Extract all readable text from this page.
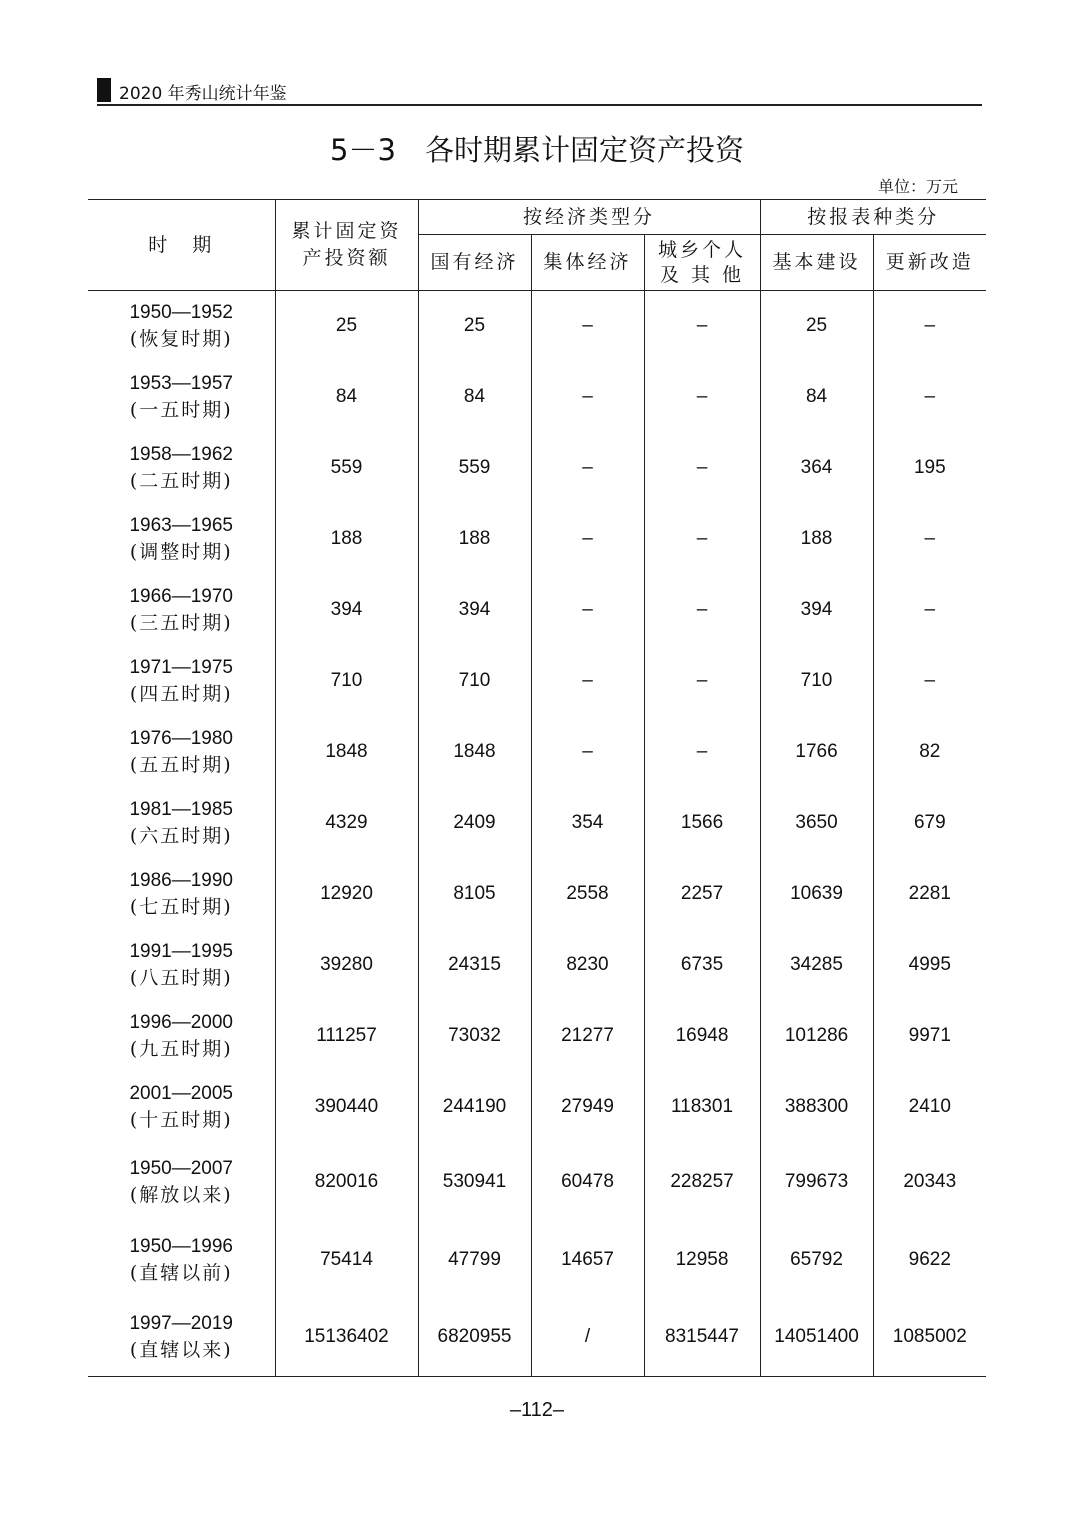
2020 年秀山统计年鉴
5－3　各时期累计固定资产投资
单位：万元
时　期	累计固定资产投资额	按经济类型分			按报表种类分	
		国有经济	集体经济	城乡个人及 其 他	基本建设	更新改造

1950—1952
(恢复时期)	25	25	–	–	25	–

1953—1957
(一五时期)	84	84	–	–	84	–

1958—1962
(二五时期)	559	559	–	–	364	195

1963—1965
(调整时期)	188	188	–	–	188	–

1966—1970
(三五时期)	394	394	–	–	394	–

1971—1975
(四五时期)	710	710	–	–	710	–

1976—1980
(五五时期)	1848	1848	–	–	1766	82

1981—1985
(六五时期)	4329	2409	354	1566	3650	679

1986—1990
(七五时期)	12920	8105	2558	2257	10639	2281

1991—1995
(八五时期)	39280	24315	8230	6735	34285	4995

1996—2000
(九五时期)	111257	73032	21277	16948	101286	9971

2001—2005
(十五时期)	390440	244190	27949	118301	388300	2410

1950—2007
(解放以来)	820016	530941	60478	228257	799673	20343

1950—1996
(直辖以前)	75414	47799	14657	12958	65792	9622

1997—2019
(直辖以来)	15136402	6820955	/	8315447	14051400	1085002
–112–
